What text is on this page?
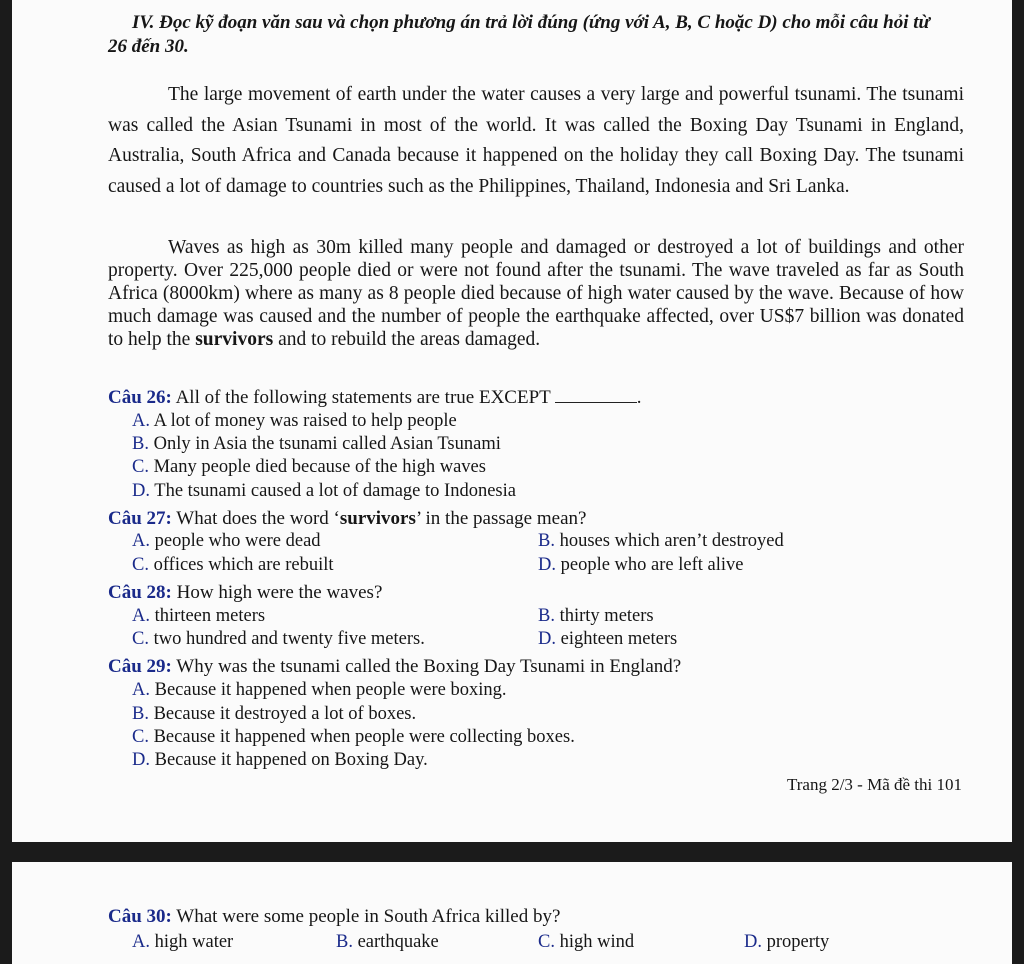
IV. Đọc kỹ đoạn văn sau và chọn phương án trả lời đúng (ứng với A, B, C hoặc D) cho mỗi câu hỏi từ
26 đến 30.
The large movement of earth under the water causes a very large and powerful tsunami. The tsunami was called the Asian Tsunami in most of the world. It was called the Boxing Day Tsunami in England, Australia, South Africa and Canada because it happened on the holiday they call Boxing Day. The tsunami caused a lot of damage to countries such as the Philippines, Thailand, Indonesia and Sri Lanka.
Waves as high as 30m killed many people and damaged or destroyed a lot of buildings and other property. Over 225,000 people died or were not found after the tsunami. The wave traveled as far as South Africa (8000km) where as many as 8 people died because of high water caused by the wave. Because of how much damage was caused and the number of people the earthquake affected, over US$7 billion was donated to help the survivors and to rebuild the areas damaged.
Câu 26: All of the following statements are true EXCEPT	.
A. A lot of money was raised to help people
B. Only in Asia the tsunami called Asian Tsunami
C. Many people died because of the high waves
D. The tsunami caused a lot of damage to Indonesia
Câu 27: What does the word ‘survivors’ in the passage mean?
A. people who were dead	B. houses which aren’t destroyed
C. offices which are rebuilt	D. people who are left alive
Câu 28: How high were the waves?
A. thirteen meters	B. thirty meters
C. two hundred and twenty five meters.	D. eighteen meters
Câu 29: Why was the tsunami called the Boxing Day Tsunami in England?
A. Because it happened when people were boxing.
B. Because it destroyed a lot of boxes.
C. Because it happened when people were collecting boxes.
D. Because it happened on Boxing Day.
Trang 2/3 - Mã đề thi 101
Câu 30: What were some people in South Africa killed by?
A. high water	B. earthquake	C. high wind	D. property
